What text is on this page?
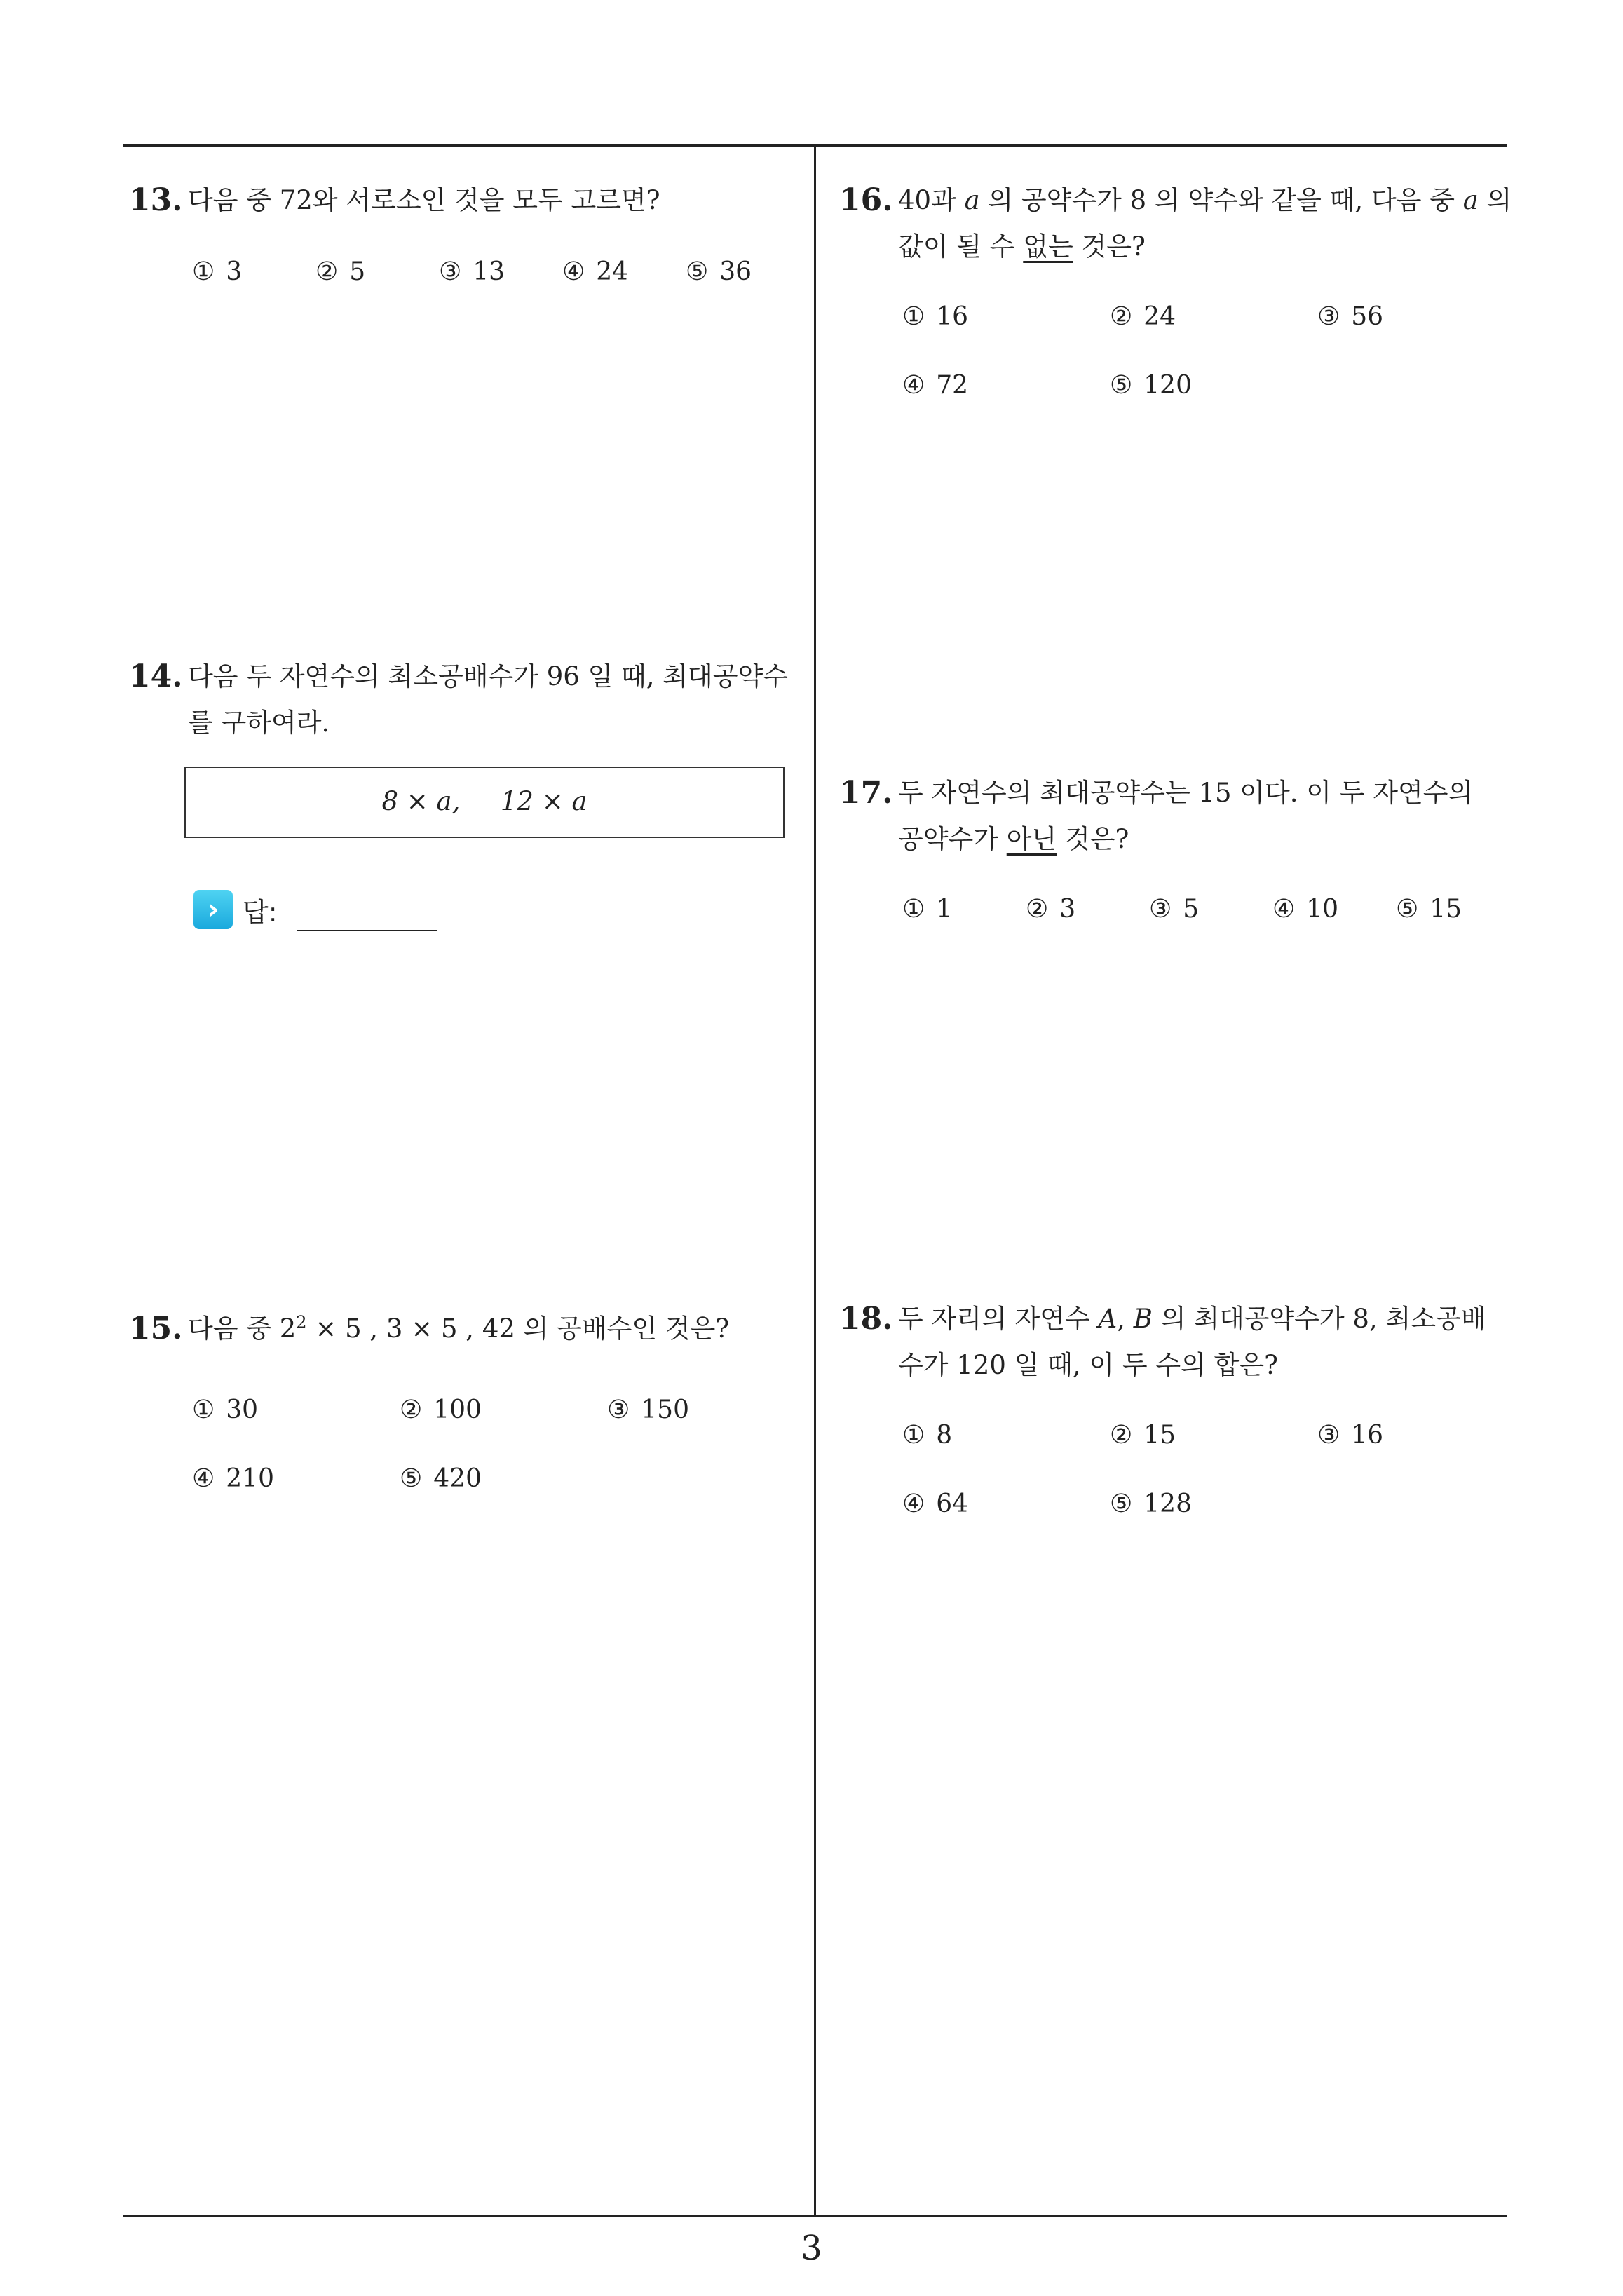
13. 다음 중 72와 서로소인 것을 모두 고르면?
① 3	② 5	③ 13 ④ 24 ⑤ 36
14. 다음 두 자연수의 최소공배수가 96 일 때, 최대공약수
를 구하여라.
8 × a, 12 × a
› 답:
15. 다음 중 $2^2 \times 5$ , 3 × 5 , 42 의 공배수인 것은?
① 30	② 100	③ 150
④ 210	⑤ 420
16. 40과 a 의 공약수가 8 의 약수와 같을 때, 다음 중 a 의
값이 될 수 없는 것은?
① 16	② 24	③ 56
④ 72	⑤ 120
17. 두 자연수의 최대공약수는 15 이다. 이 두 자연수의
공약수가 아닌 것은?
① 1	② 3	③ 5	④ 10 ⑤ 15
18. 두 자리의 자연수 A, B 의 최대공약수가 8, 최소공배
수가 120 일 때, 이 두 수의 합은?
① 8	② 15	③ 16
④ 64	⑤ 128
3
